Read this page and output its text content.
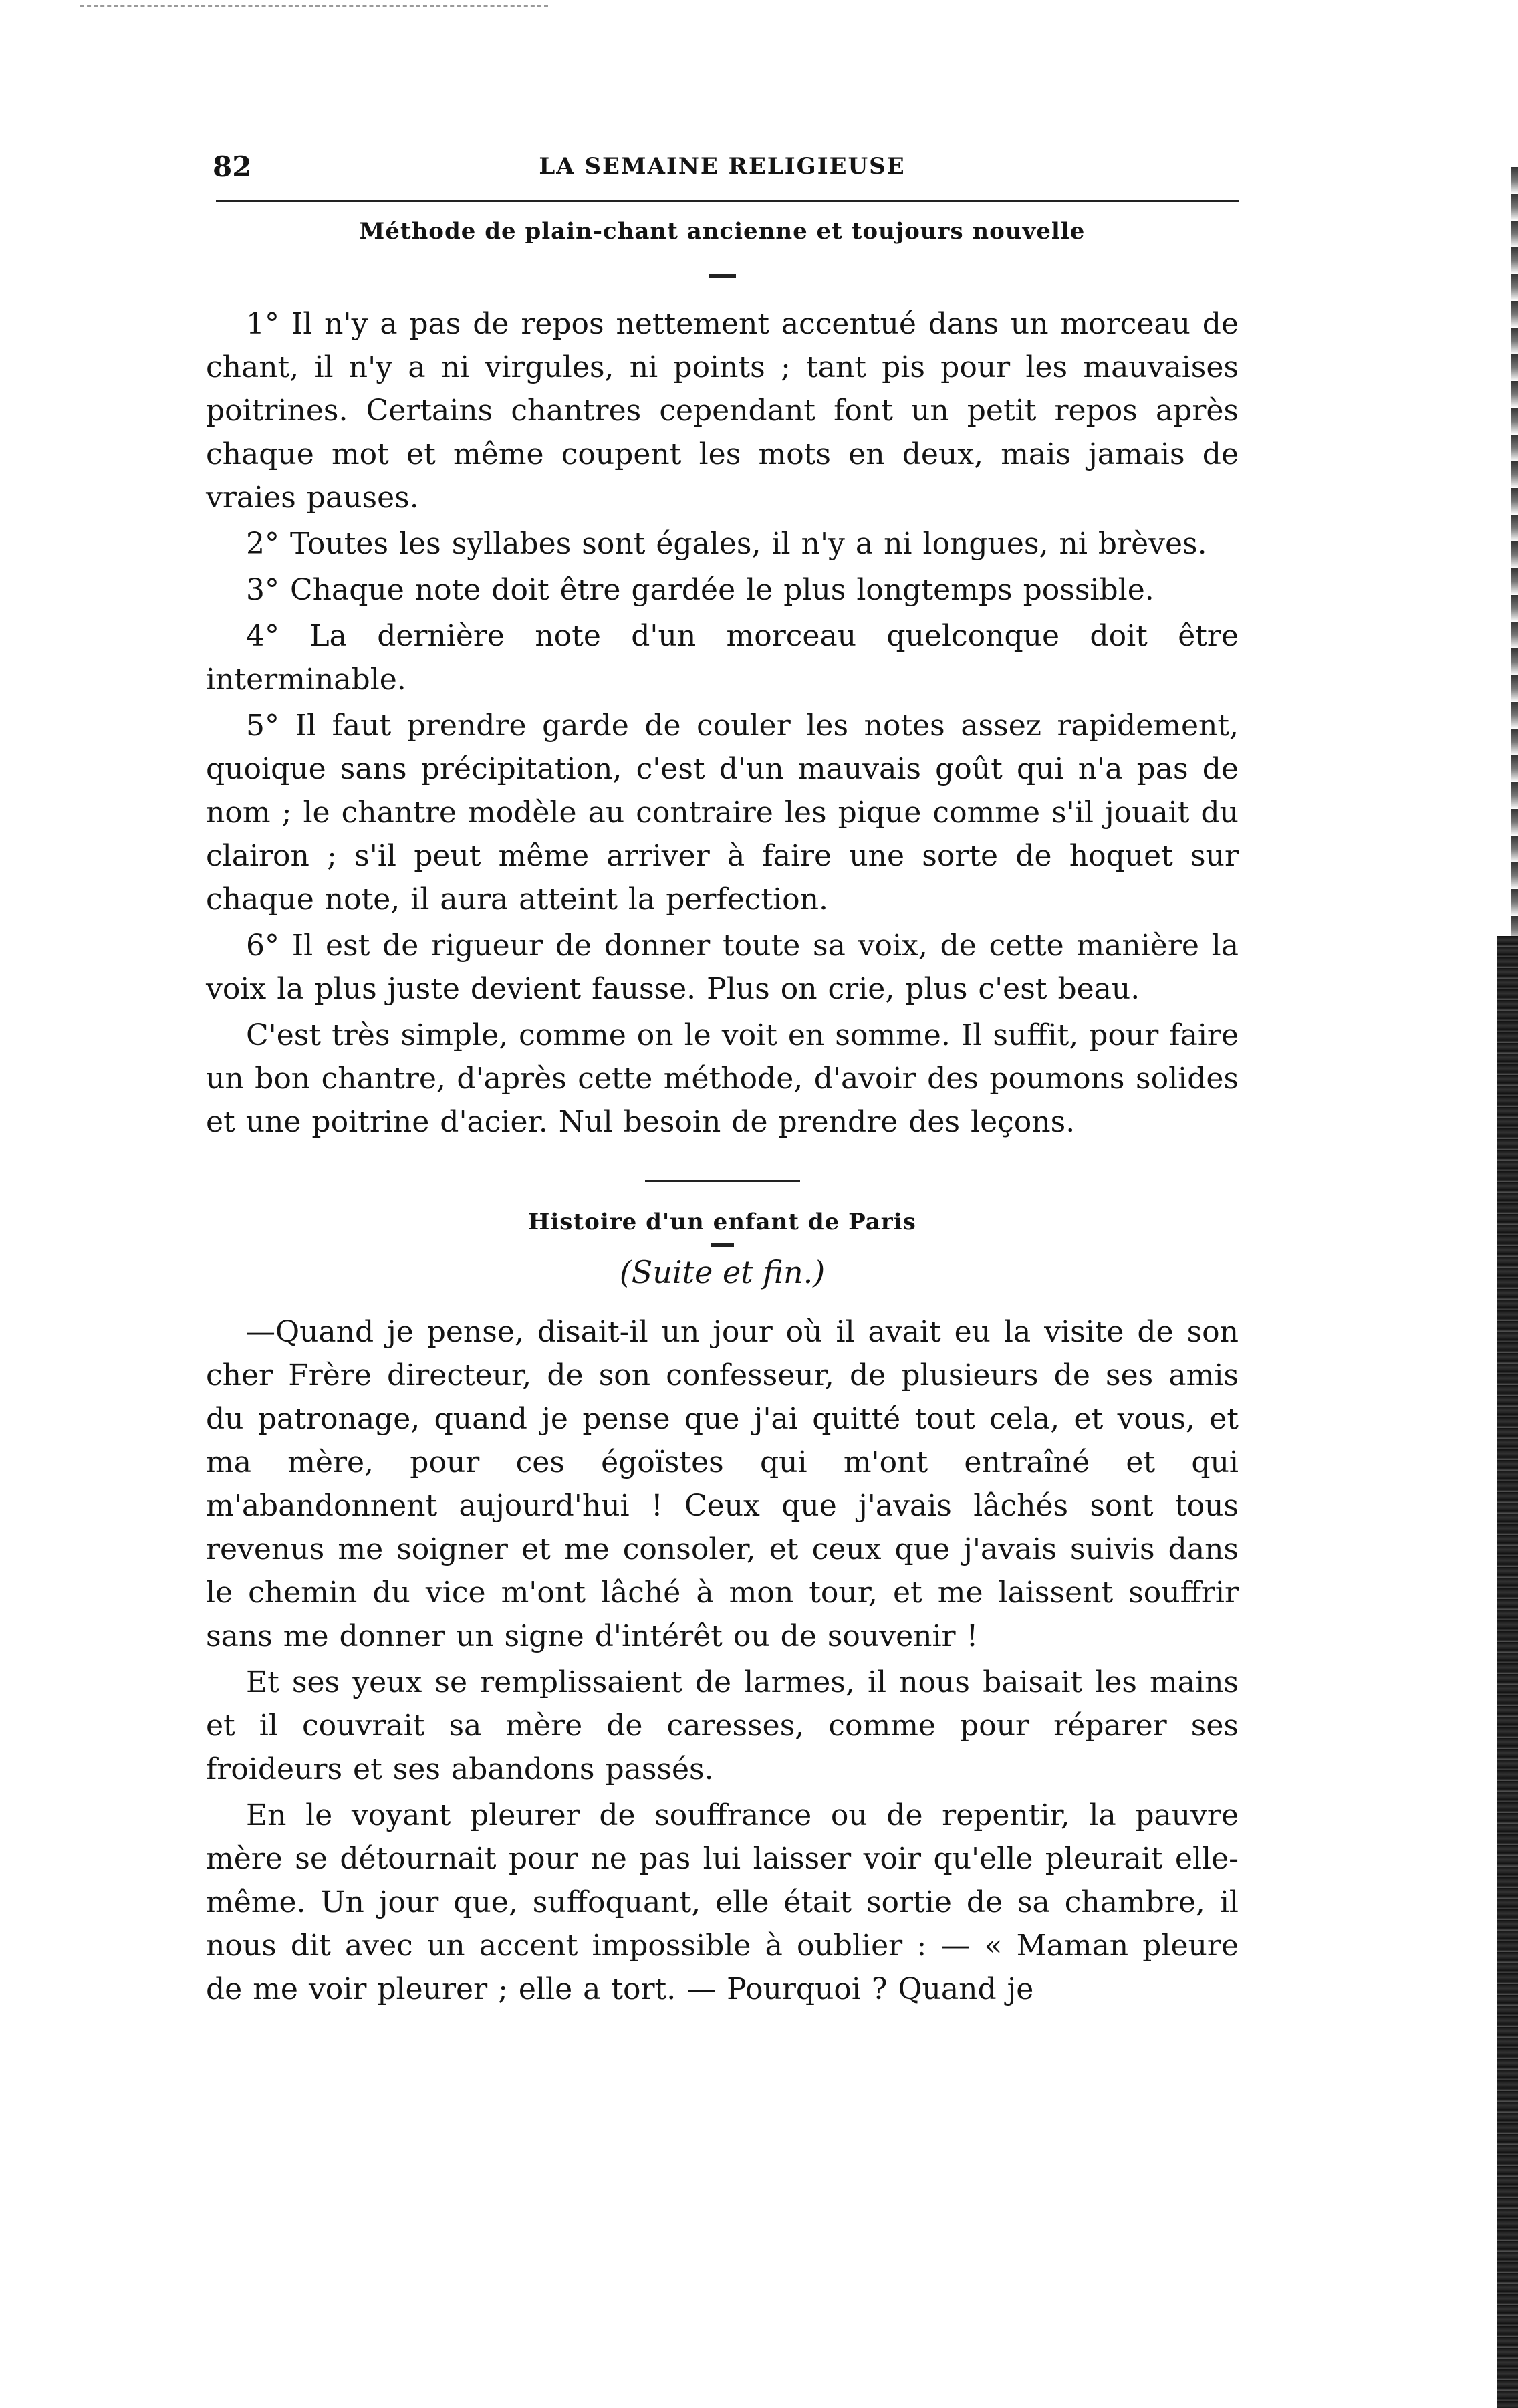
82	LA SEMAINE RELIGIEUSE
Méthode de plain-chant ancienne et toujours nouvelle

1° Il n'y a pas de repos nettement accentué dans un morceau de chant, il n'y a ni virgules, ni points ; tant pis pour les mauvaises poitrines. Certains chantres cependant font un petit repos après chaque mot et même coupent les mots en deux, mais jamais de vraies pauses.

2° Toutes les syllabes sont égales, il n'y a ni longues, ni brèves.

3° Chaque note doit être gardée le plus longtemps possible.

4° La dernière note d'un morceau quelconque doit être interminable.

5° Il faut prendre garde de couler les notes assez rapidement, quoique sans précipitation, c'est d'un mauvais goût qui n'a pas de nom ; le chantre modèle au contraire les pique comme s'il jouait du clairon ; s'il peut même arriver à faire une sorte de hoquet sur chaque note, il aura atteint la perfection.

6° Il est de rigueur de donner toute sa voix, de cette manière la voix la plus juste devient fausse. Plus on crie, plus c'est beau.

C'est très simple, comme on le voit en somme. Il suffit, pour faire un bon chantre, d'après cette méthode, d'avoir des poumons solides et une poitrine d'acier. Nul besoin de prendre des leçons.

Histoire d'un enfant de Paris
(Suite et fin.)

—Quand je pense, disait-il un jour où il avait eu la visite de son cher Frère directeur, de son confesseur, de plusieurs de ses amis du patronage, quand je pense que j'ai quitté tout cela, et vous, et ma mère, pour ces égoïstes qui m'ont entraîné et qui m'abandonnent aujourd'hui ! Ceux que j'avais lâchés sont tous revenus me soigner et me consoler, et ceux que j'avais suivis dans le chemin du vice m'ont lâché à mon tour, et me laissent souffrir sans me donner un signe d'intérêt ou de souvenir !

Et ses yeux se remplissaient de larmes, il nous baisait les mains et il couvrait sa mère de caresses, comme pour réparer ses froideurs et ses abandons passés.

En le voyant pleurer de souffrance ou de repentir, la pauvre mère se détournait pour ne pas lui laisser voir qu'elle pleurait elle-même. Un jour que, suffoquant, elle était sortie de sa chambre, il nous dit avec un accent impossible à oublier : — « Maman pleure de me voir pleurer ; elle a tort. — Pourquoi ? Quand je
